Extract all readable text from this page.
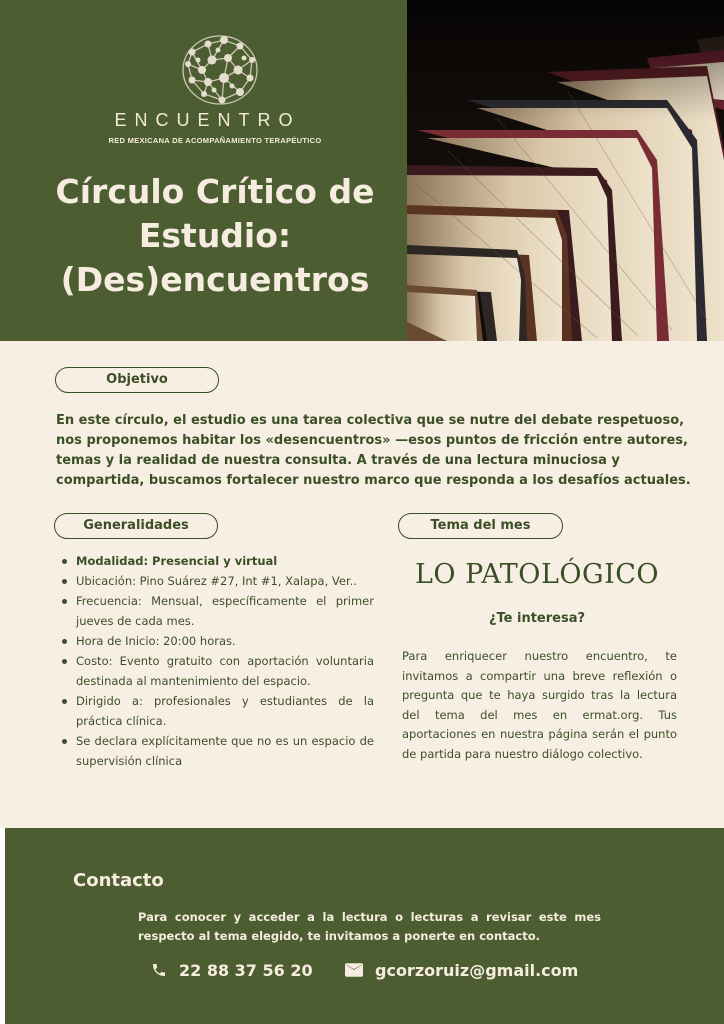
ENCUENTRO
RED MEXICANA DE ACOMPAÑAMIENTO TERAPÉUTICO
Círculo Crítico de
Estudio:
(Des)encuentros
Objetivo

En este círculo, el estudio es una tarea colectiva que se nutre del debate respetuoso, nos proponemos habitar los «desencuentros» —esos puntos de fricción entre autores, temas y la realidad de nuestra consulta. A través de una lectura minuciosa y compartida, buscamos fortalecer nuestro marco que responda a los desafíos actuales.

Generalidades
Modalidad: Presencial y virtual
Ubicación: Pino Suárez #27, Int #1, Xalapa, Ver..
Frecuencia: Mensual, específicamente el primer jueves de cada mes.
Hora de Inicio: 20:00 horas.
Costo: Evento gratuito con aportación voluntaria destinada al mantenimiento del espacio.
Dirigido a: profesionales y estudiantes de la práctica clínica.
Se declara explícitamente que no es un espacio de supervisión clínica
Tema del mes
LO PATOLÓGICO
¿Te interesa?

Para enriquecer nuestro encuentro, te invitamos a compartir una breve reflexión o pregunta que te haya surgido tras la lectura del tema del mes en ermat.org. Tus aportaciones en nuestra página serán el punto de partida para nuestro diálogo colectivo.

Contacto

Para conocer y acceder a la lectura o lecturas a revisar este mes respecto al tema elegido, te invitamos a ponerte en contacto.

22 88 37 56 20	gcorzoruiz@gmail.com
